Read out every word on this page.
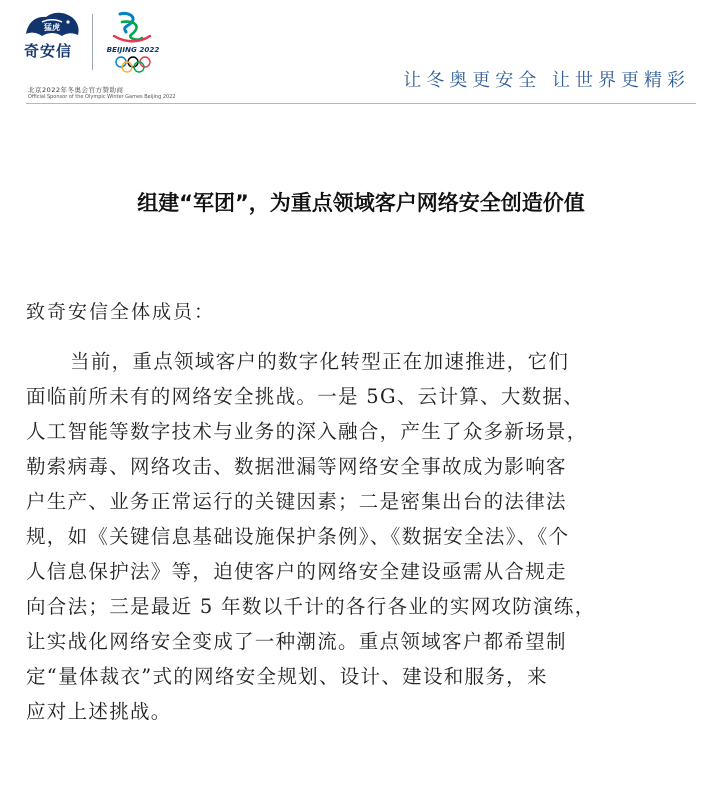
猛虎
奇安信	BEIJING 2022
北京2022年冬奥会官方赞助商
Official Sponsor of the Olympic Winter Games Beijing 2022
让冬奥更安全 让世界更精彩
组建“军团”，为重点领域客户网络安全创造价值
致奇安信全体成员：
当前，重点领域客户的数字化转型正在加速推进，它们
面临前所未有的网络安全挑战。一是 5G、云计算、大数据、
人工智能等数字技术与业务的深入融合，产生了众多新场景，
勒索病毒、网络攻击、数据泄漏等网络安全事故成为影响客
户生产、业务正常运行的关键因素；二是密集出台的法律法
规，如《关键信息基础设施保护条例》、《数据安全法》、《个
人信息保护法》等，迫使客户的网络安全建设亟需从合规走
向合法；三是最近 5 年数以千计的各行各业的实网攻防演练，
让实战化网络安全变成了一种潮流。重点领域客户都希望制
定“量体裁衣”式的网络安全规划、设计、建设和服务，来
应对上述挑战。
